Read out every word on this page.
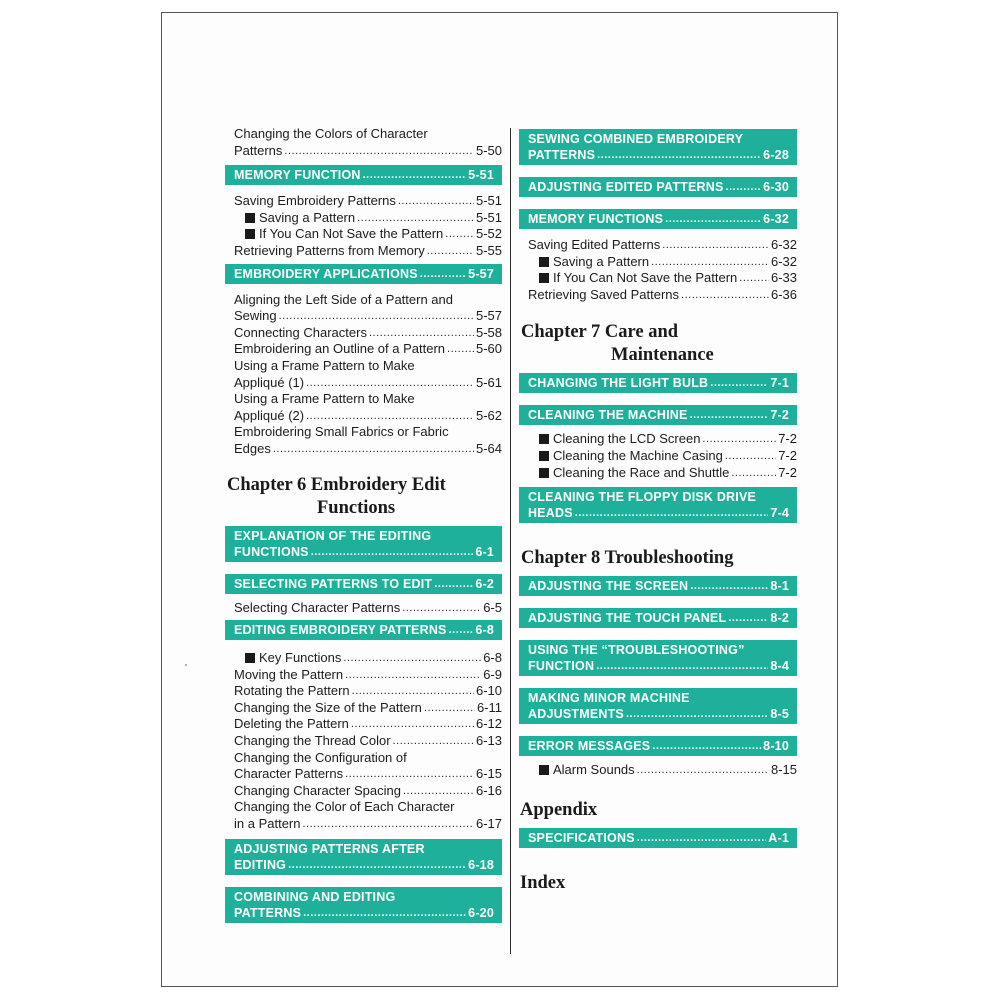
Changing the Colors of Character
Patterns .....	5-50
MEMORY FUNCTION .....	5-51
Saving Embroidery Patterns .....	5-51
Saving a Pattern .....	5-51
If You Can Not Save the Pattern .....	5-52
Retrieving Patterns from Memory .....	5-55
EMBROIDERY APPLICATIONS .....	5-57
Aligning the Left Side of a Pattern and
Sewing .....	5-57
Connecting Characters .....	5-58
Embroidering an Outline of a Pattern ..... 5-60
Using a Frame Pattern to Make
Appliqué (1) .....	5-61
Using a Frame Pattern to Make
Appliqué (2) .....	5-62
Embroidering Small Fabrics or Fabric
Edges .....	5-64
Chapter 6 Embroidery Edit
Functions
EXPLANATION OF THE EDITING
FUNCTIONS .....	6-1
SELECTING PATTERNS TO EDIT .....	6-2
Selecting Character Patterns .....	6-5
EDITING EMBROIDERY PATTERNS ..... 6-8
Key Functions .....	6-8
Moving the Pattern .....	6-9
Rotating the Pattern .....	6-10
Changing the Size of the Pattern .....	6-11
Deleting the Pattern .....	6-12
Changing the Thread Color .....	6-13
Changing the Configuration of
Character Patterns .....	6-15
Changing Character Spacing .....	6-16
Changing the Color of Each Character
in a Pattern .....	6-17
ADJUSTING PATTERNS AFTER
EDITING .....	6-18
COMBINING AND EDITING
PATTERNS .....	6-20
SEWING COMBINED EMBROIDERY
PATTERNS .....	6-28
ADJUSTING EDITED PATTERNS .....	6-30
MEMORY FUNCTIONS .....	6-32
Saving Edited Patterns .....	6-32
Saving a Pattern .....	6-32
If You Can Not Save the Pattern .....	6-33
Retrieving Saved Patterns .....	6-36
Chapter 7 Care and
Maintenance
CHANGING THE LIGHT BULB .....	7-1
CLEANING THE MACHINE .....	7-2
Cleaning the LCD Screen .....	7-2
Cleaning the Machine Casing .....	7-2
Cleaning the Race and Shuttle .....	7-2
CLEANING THE FLOPPY DISK DRIVE
HEADS .....	7-4
Chapter 8 Troubleshooting
ADJUSTING THE SCREEN .....	8-1
ADJUSTING THE TOUCH PANEL .....	8-2
USING THE “TROUBLESHOOTING”
FUNCTION .....	8-4
MAKING MINOR MACHINE
ADJUSTMENTS .....	8-5
ERROR MESSAGES .....	8-10
Alarm Sounds .....	8-15
Appendix
SPECIFICATIONS .....	A-1
Index
